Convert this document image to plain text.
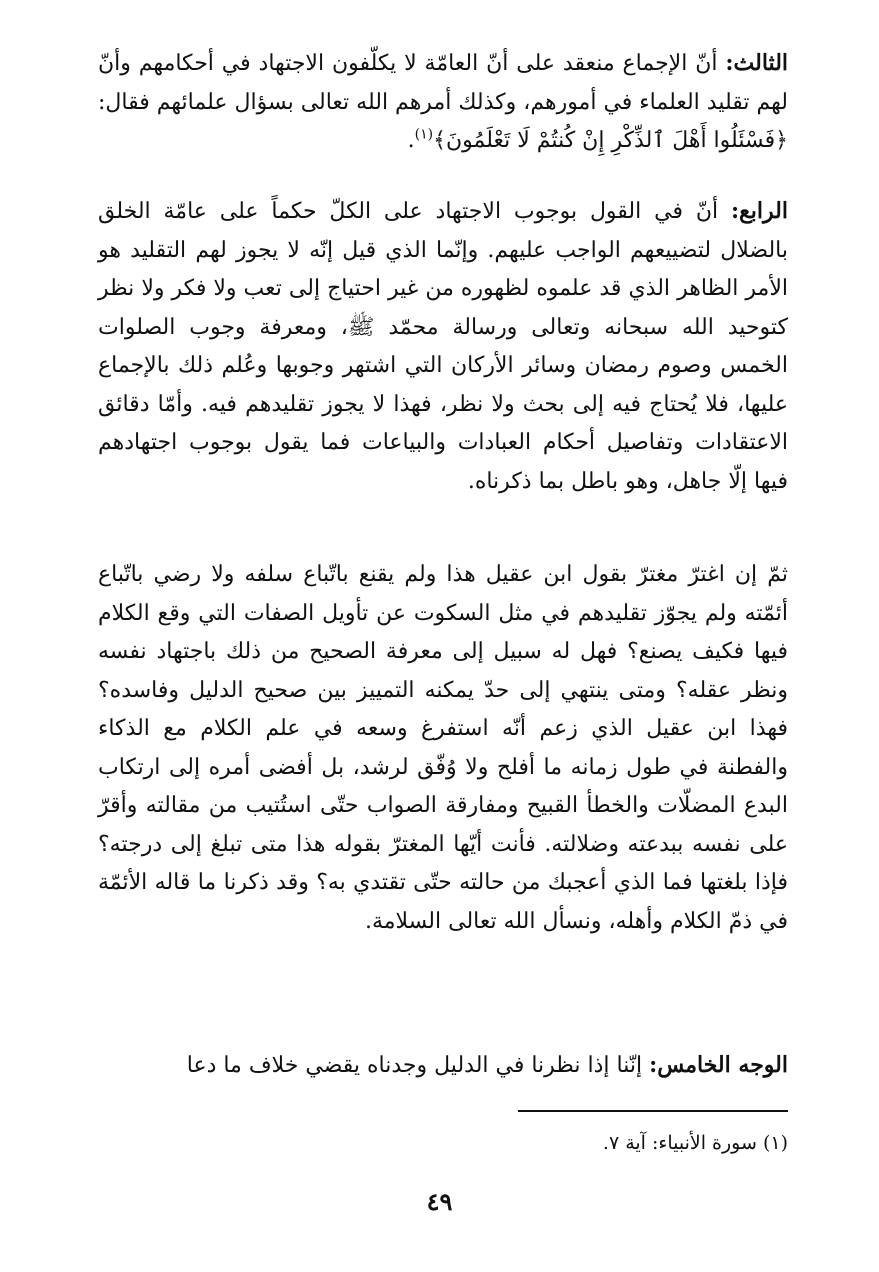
الثالث: أنّ الإجماع منعقد على أنّ العامّة لا يكلّفون الاجتهاد في أحكامهم وأنّ لهم تقليد العلماء في أمورهم، وكذلك أمرهم الله تعالى بسؤال علمائهم فقال: ﴿فَسْئَلُوا أَهْلَ ٱلذِّكْرِ إِنْ كُنتُمْ لَا تَعْلَمُونَ﴾$^{(١)}$.

الرابع: أنّ في القول بوجوب الاجتهاد على الكلّ حكماً على عامّة الخلق بالضلال لتضييعهم الواجب عليهم. وإنّما الذي قيل إنّه لا يجوز لهم التقليد هو الأمر الظاهر الذي قد علموه لظهوره من غير احتياج إلى تعب ولا فكر ولا نظر كتوحيد الله سبحانه وتعالى ورسالة محمّد ﷺ، ومعرفة وجوب الصلوات الخمس وصوم رمضان وسائر الأركان التي اشتهر وجوبها وعُلم ذلك بالإجماع عليها، فلا يُحتاج فيه إلى بحث ولا نظر، فهذا لا يجوز تقليدهم فيه. وأمّا دقائق الاعتقادات وتفاصيل أحكام العبادات والبياعات فما يقول بوجوب اجتهادهم فيها إلّا جاهل، وهو باطل بما ذكرناه.

ثمّ إن اغترّ مغترّ بقول ابن عقيل هذا ولم يقنع باتّباع سلفه ولا رضي باتّباع أئمّته ولم يجوّز تقليدهم في مثل السكوت عن تأويل الصفات التي وقع الكلام فيها فكيف يصنع؟ فهل له سبيل إلى معرفة الصحيح من ذلك باجتهاد نفسه ونظر عقله؟ ومتى ينتهي إلى حدّ يمكنه التمييز بين صحيح الدليل وفاسده؟ فهذا ابن عقيل الذي زعم أنّه استفرغ وسعه في علم الكلام مع الذكاء والفطنة في طول زمانه ما أفلح ولا وُفّق لرشد، بل أفضى أمره إلى ارتكاب البدع المضلّات والخطأ القبيح ومفارقة الصواب حتّى استُتيب من مقالته وأقرّ على نفسه ببدعته وضلالته. فأنت أيّها المغترّ بقوله هذا متى تبلغ إلى درجته؟ فإذا بلغتها فما الذي أعجبك من حالته حتّى تقتدي به؟ وقد ذكرنا ما قاله الأئمّة في ذمّ الكلام وأهله، ونسأل الله تعالى السلامة.

الوجه الخامس: إنّنا إذا نظرنا في الدليل وجدناه يقضي خلاف ما دعا

(١) سورة الأنبياء: آية ٧.
٤٩
